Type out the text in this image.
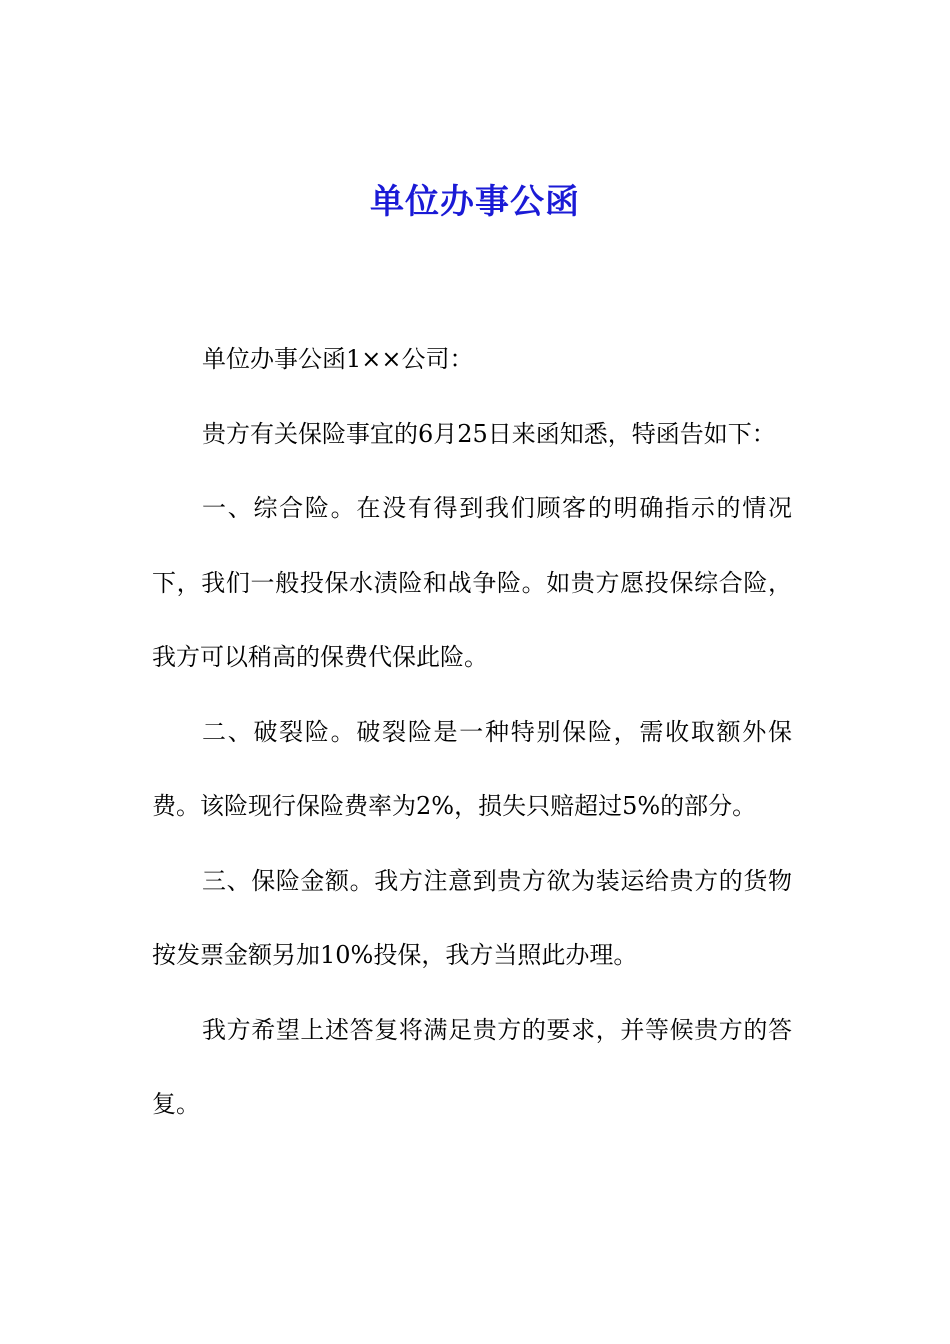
单位办事公函

单位办事公函1××公司：

贵方有关保险事宜的6月25日来函知悉，特函告如下：

一、综合险。在没有得到我们顾客的明确指示的情况下，我们一般投保水渍险和战争险。如贵方愿投保综合险，我方可以稍高的保费代保此险。

二、破裂险。破裂险是一种特别保险，需收取额外保费。该险现行保险费率为2%，损失只赔超过5%的部分。

三、保险金额。我方注意到贵方欲为装运给贵方的货物按发票金额另加10%投保，我方当照此办理。

我方希望上述答复将满足贵方的要求，并等候贵方的答复。
